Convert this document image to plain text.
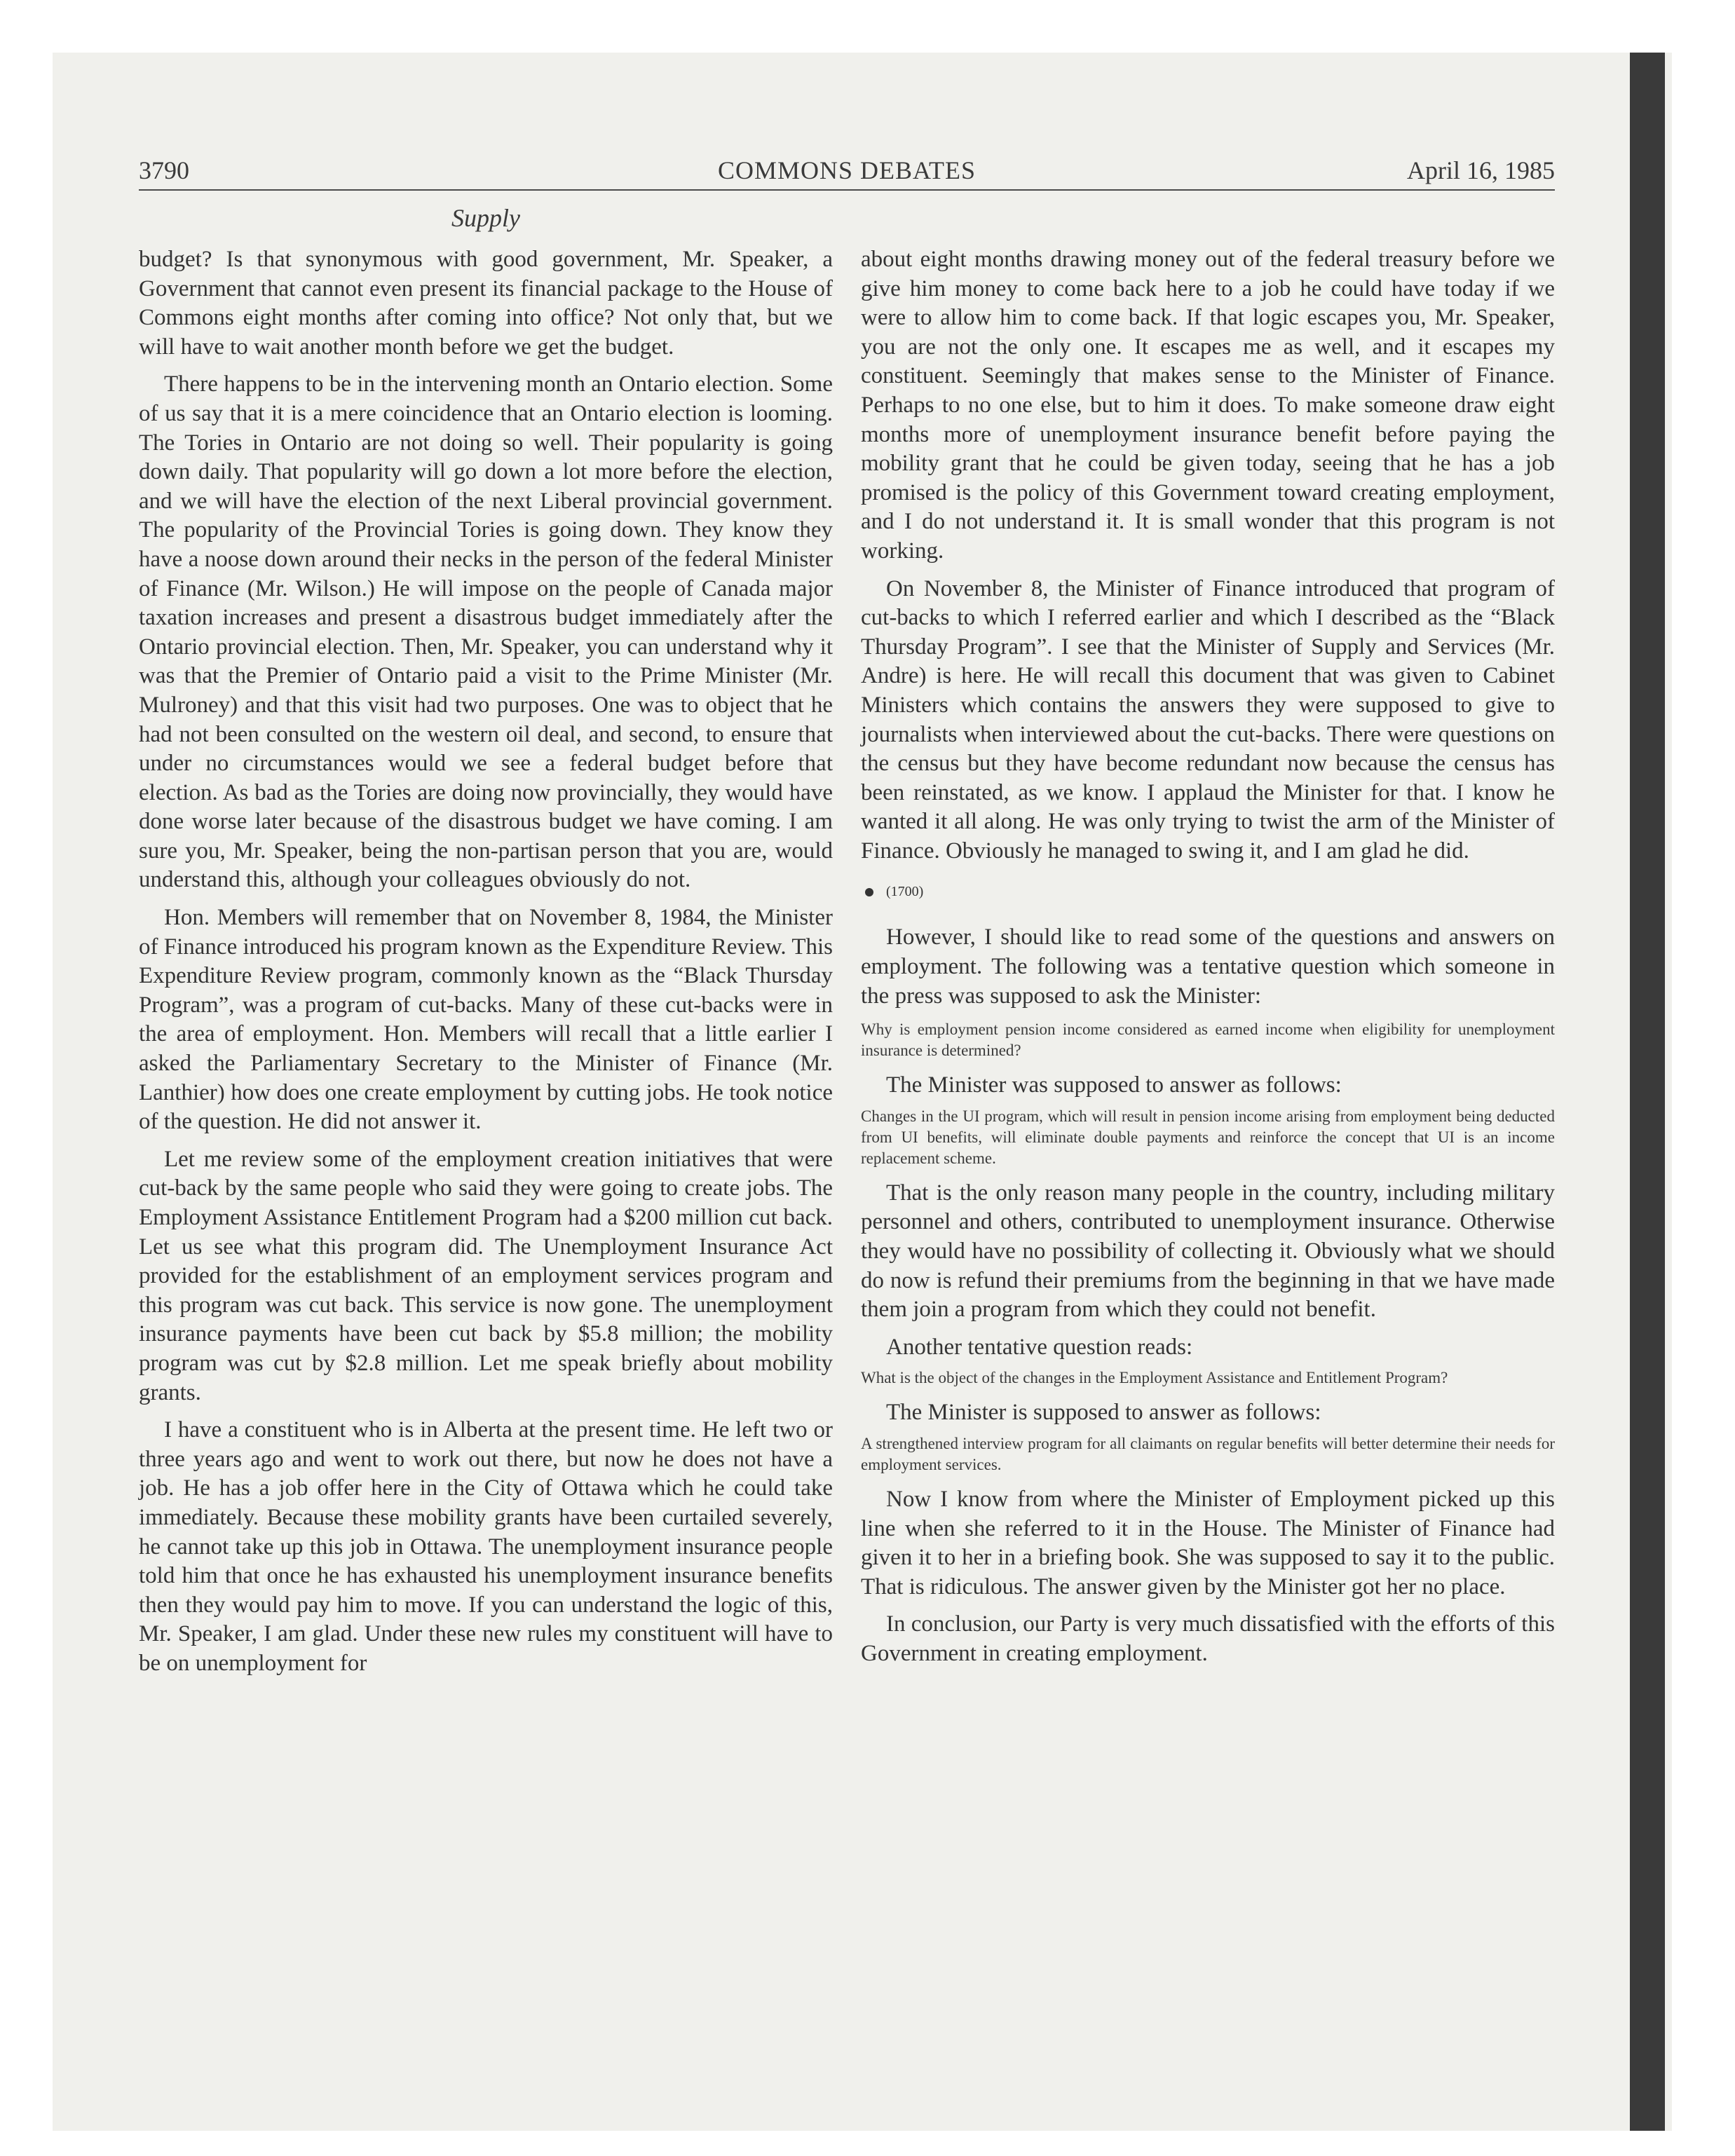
3790	COMMONS DEBATES	April 16, 1985
Supply

budget? Is that synonymous with good government, Mr. Speaker, a Government that cannot even present its financial package to the House of Commons eight months after coming into office? Not only that, but we will have to wait another month before we get the budget.

There happens to be in the intervening month an Ontario election. Some of us say that it is a mere coincidence that an Ontario election is looming. The Tories in Ontario are not doing so well. Their popularity is going down daily. That popularity will go down a lot more before the election, and we will have the election of the next Liberal provincial government. The popularity of the Provincial Tories is going down. They know they have a noose down around their necks in the person of the federal Minister of Finance (Mr. Wilson.) He will impose on the people of Canada major taxation increases and present a disastrous budget immediately after the Ontario provincial election. Then, Mr. Speaker, you can understand why it was that the Premier of Ontario paid a visit to the Prime Minister (Mr. Mulroney) and that this visit had two purposes. One was to object that he had not been consulted on the western oil deal, and second, to ensure that under no circumstances would we see a federal budget before that election. As bad as the Tories are doing now provincially, they would have done worse later because of the disastrous budget we have coming. I am sure you, Mr. Speaker, being the non-partisan person that you are, would understand this, although your colleagues obviously do not.

Hon. Members will remember that on November 8, 1984, the Minister of Finance introduced his program known as the Expenditure Review. This Expenditure Review program, commonly known as the “Black Thursday Program”, was a program of cut-backs. Many of these cut-backs were in the area of employment. Hon. Members will recall that a little earlier I asked the Parliamentary Secretary to the Minister of Finance (Mr. Lanthier) how does one create employment by cutting jobs. He took notice of the question. He did not answer it.

Let me review some of the employment creation initiatives that were cut-back by the same people who said they were going to create jobs. The Employment Assistance Entitlement Program had a $200 million cut back. Let us see what this program did. The Unemployment Insurance Act provided for the establishment of an employment services program and this program was cut back. This service is now gone. The unemployment insurance payments have been cut back by $5.8 million; the mobility program was cut by $2.8 million. Let me speak briefly about mobility grants.

I have a constituent who is in Alberta at the present time. He left two or three years ago and went to work out there, but now he does not have a job. He has a job offer here in the City of Ottawa which he could take immediately. Because these mobility grants have been curtailed severely, he cannot take up this job in Ottawa. The unemployment insurance people told him that once he has exhausted his unemployment insurance benefits then they would pay him to move. If you can understand the logic of this, Mr. Speaker, I am glad. Under these new rules my constituent will have to be on unemployment for

about eight months drawing money out of the federal treasury before we give him money to come back here to a job he could have today if we were to allow him to come back. If that logic escapes you, Mr. Speaker, you are not the only one. It escapes me as well, and it escapes my constituent. Seemingly that makes sense to the Minister of Finance. Perhaps to no one else, but to him it does. To make someone draw eight months more of unemployment insurance benefit before paying the mobility grant that he could be given today, seeing that he has a job promised is the policy of this Government toward creating employment, and I do not understand it. It is small wonder that this program is not working.

On November 8, the Minister of Finance introduced that program of cut-backs to which I referred earlier and which I described as the “Black Thursday Program”. I see that the Minister of Supply and Services (Mr. Andre) is here. He will recall this document that was given to Cabinet Ministers which contains the answers they were supposed to give to journalists when interviewed about the cut-backs. There were questions on the census but they have become redundant now because the census has been reinstated, as we know. I applaud the Minister for that. I know he wanted it all along. He was only trying to twist the arm of the Minister of Finance. Obviously he managed to swing it, and I am glad he did.

(1700)

However, I should like to read some of the questions and answers on employment. The following was a tentative question which someone in the press was supposed to ask the Minister:

Why is employment pension income considered as earned income when eligibility for unemployment insurance is determined?

The Minister was supposed to answer as follows:

Changes in the UI program, which will result in pension income arising from employment being deducted from UI benefits, will eliminate double payments and reinforce the concept that UI is an income replacement scheme.

That is the only reason many people in the country, including military personnel and others, contributed to unemployment insurance. Otherwise they would have no possibility of collecting it. Obviously what we should do now is refund their premiums from the beginning in that we have made them join a program from which they could not benefit.

Another tentative question reads:

What is the object of the changes in the Employment Assistance and Entitlement Program?

The Minister is supposed to answer as follows:

A strengthened interview program for all claimants on regular benefits will better determine their needs for employment services.

Now I know from where the Minister of Employment picked up this line when she referred to it in the House. The Minister of Finance had given it to her in a briefing book. She was supposed to say it to the public. That is ridiculous. The answer given by the Minister got her no place.

In conclusion, our Party is very much dissatisfied with the efforts of this Government in creating employment.
